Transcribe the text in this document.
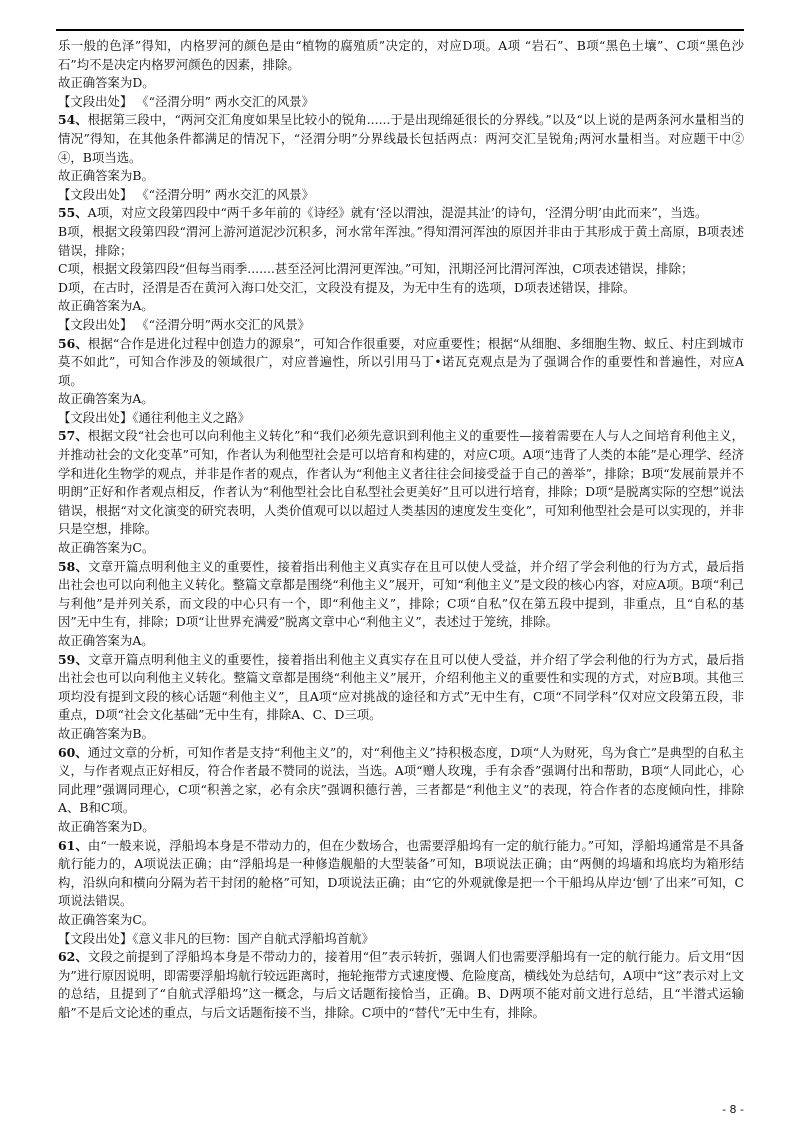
乐一般的色泽”得知，内格罗河的颜色是由“植物的腐殖质”决定的，对应D项。A项 “岩石”、B项“黑色土壤”、C项“黑色沙石”均不是决定内格罗河颜色的因素，排除。

故正确答案为D。

【文段出处】 《“泾渭分明” 两水交汇的风景》

54、根据第三段中，“两河交汇角度如果呈比较小的锐角......于是出现绵延很长的分界线。”以及“以上说的是两条河水量相当的情况”得知，在其他条件都满足的情况下，“泾渭分明”分界线最长包括两点：两河交汇呈锐角;两河水量相当。对应题干中②④，B项当选。

故正确答案为B。

【文段出处】 《“泾渭分明” 两水交汇的风景》

55、A项，对应文段第四段中“两千多年前的《诗经》就有‘泾以渭浊，湜湜其沚’的诗句，‘泾渭分明’由此而来”，当选。

B项，根据文段第四段“渭河上游河道泥沙沉积多，河水常年浑浊。”得知渭河浑浊的原因并非由于其形成于黄土高原，B项表述错误，排除；

C项，根据文段第四段“但每当雨季.......甚至泾河比渭河更浑浊。”可知，汛期泾河比渭河浑浊，C项表述错误，排除；

D项，在古时，泾渭是否在黄河入海口处交汇，文段没有提及，为无中生有的选项，D项表述错误，排除。

故正确答案为A。

【文段出处】 《“泾渭分明”两水交汇的风景》

56、根据“合作是进化过程中创造力的源泉”，可知合作很重要，对应重要性；根据“从细胞、多细胞生物、蚁丘、村庄到城市莫不如此”，可知合作涉及的领域很广，对应普遍性，所以引用马丁•诺瓦克观点是为了强调合作的重要性和普遍性，对应A项。

故正确答案为A。

【文段出处】《通往利他主义之路》

57、根据文段“社会也可以向利他主义转化”和“我们必须先意识到利他主义的重要性—接着需要在人与人之间培育利他主义，并推动社会的文化变革”可知，作者认为利他型社会是可以培育和构建的，对应C项。A项“违背了人类的本能”是心理学、经济学和进化生物学的观点，并非是作者的观点，作者认为“利他主义者往往会间接受益于自己的善举”，排除；B项“发展前景并不明朗”正好和作者观点相反，作者认为“利他型社会比自私型社会更美好”且可以进行培育，排除；D项“是脱离实际的空想”说法错误，根据“对文化演变的研究表明，人类价值观可以以超过人类基因的速度发生变化”，可知利他型社会是可以实现的，并非只是空想，排除。

故正确答案为C。

58、文章开篇点明利他主义的重要性，接着指出利他主义真实存在且可以使人受益，并介绍了学会利他的行为方式，最后指出社会也可以向利他主义转化。整篇文章都是围绕“利他主义”展开，可知“利他主义”是文段的核心内容，对应A项。B项“利己与利他”是并列关系，而文段的中心只有一个，即“利他主义”，排除；C项“自私”仅在第五段中提到，非重点，且“自私的基因”无中生有，排除；D项“让世界充满爱”脱离文章中心“利他主义”，表述过于笼统，排除。

故正确答案为A。

59、文章开篇点明利他主义的重要性，接着指出利他主义真实存在且可以使人受益，并介绍了学会利他的行为方式，最后指出社会也可以向利他主义转化。整篇文章都是围绕“利他主义”展开，介绍利他主义的重要性和实现的方式，对应B项。其他三项均没有提到文段的核心话题“利他主义”，且A项“应对挑战的途径和方式”无中生有，C项“不同学科”仅对应文段第五段，非重点，D项“社会文化基础”无中生有，排除A、C、D三项。

故正确答案为B。

60、通过文章的分析，可知作者是支持“利他主义”的，对“利他主义”持积极态度，D项“人为财死，鸟为食亡”是典型的自私主义，与作者观点正好相反，符合作者最不赞同的说法，当选。A项“赠人玫瑰，手有余香”强调付出和帮助，B项“人同此心，心同此理”强调同理心，C项“积善之家，必有余庆”强调积德行善，三者都是“利他主义”的表现，符合作者的态度倾向性，排除A、B和C项。

故正确答案为D。

61、由“一般来说，浮船坞本身是不带动力的，但在少数场合，也需要浮船坞有一定的航行能力。”可知，浮船坞通常是不具备航行能力的，A项说法正确；由“浮船坞是一种修造舰船的大型装备”可知，B项说法正确；由“两侧的坞墙和坞底均为箱形结构，沿纵向和横向分隔为若干封闭的舱格”可知，D项说法正确；由“它的外观就像是把一个干船坞从岸边‘刨’了出来”可知，C项说法错误。

故正确答案为C。

【文段出处】《意义非凡的巨物：国产自航式浮船坞首航》

62、文段之前提到了浮船坞本身是不带动力的，接着用“但”表示转折，强调人们也需要浮船坞有一定的航行能力。后文用“因为”进行原因说明，即需要浮船坞航行较远距离时，拖轮拖带方式速度慢、危险度高，横线处为总结句，A项中“这”表示对上文的总结，且提到了“自航式浮船坞”这一概念，与后文话题衔接恰当，正确。B、D两项不能对前文进行总结，且“半潜式运输船”不是后文论述的重点，与后文话题衔接不当，排除。C项中的“替代”无中生有，排除。

- 8 -
